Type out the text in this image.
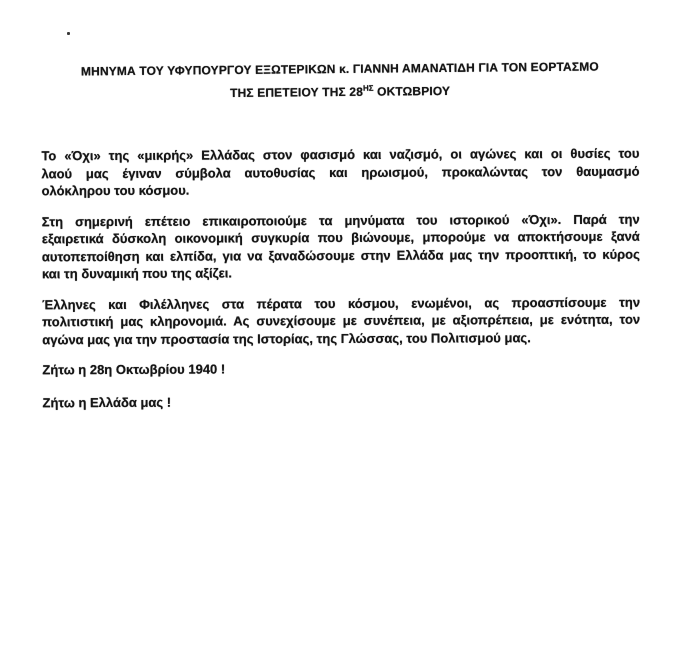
ΜΗΝΥΜΑ ΤΟΥ ΥΦΥΠΟΥΡΓΟΥ ΕΞΩΤΕΡΙΚΩΝ κ. ΓΙΑΝΝΗ ΑΜΑΝΑΤΙΔΗ ΓΙΑ ΤΟΝ ΕΟΡΤΑΣΜΟ
ΤΗΣ ΕΠΕΤΕΙΟΥ ΤΗΣ $28^{H\Sigma}$ ΟΚΤΩΒΡΙΟΥ
Το «Όχι» της «μικρής» Ελλάδας στον φασισμό και ναζισμό, οι αγώνες και οι θυσίες του
λαού μας έγιναν σύμβολα αυτοθυσίας και ηρωισμού, προκαλώντας τον θαυμασμό
ολόκληρου του κόσμου.
Στη σημερινή επέτειο επικαιροποιούμε τα μηνύματα του ιστορικού «Όχι». Παρά την
εξαιρετικά δύσκολη οικονομική συγκυρία που βιώνουμε, μπορούμε να αποκτήσουμε ξανά
αυτοπεποίθηση και ελπίδα, για να ξαναδώσουμε στην Ελλάδα μας την προοπτική, το κύρος
και τη δυναμική που της αξίζει.
Έλληνες και Φιλέλληνες στα πέρατα του κόσμου, ενωμένοι, ας προασπίσουμε την
πολιτιστική μας κληρονομιά. Ας συνεχίσουμε με συνέπεια, με αξιοπρέπεια, με ενότητα, τον
αγώνα μας για την προστασία της Ιστορίας, της Γλώσσας, του Πολιτισμού μας.
Ζήτω η 28η Οκτωβρίου 1940 !
Ζήτω η Ελλάδα μας !
